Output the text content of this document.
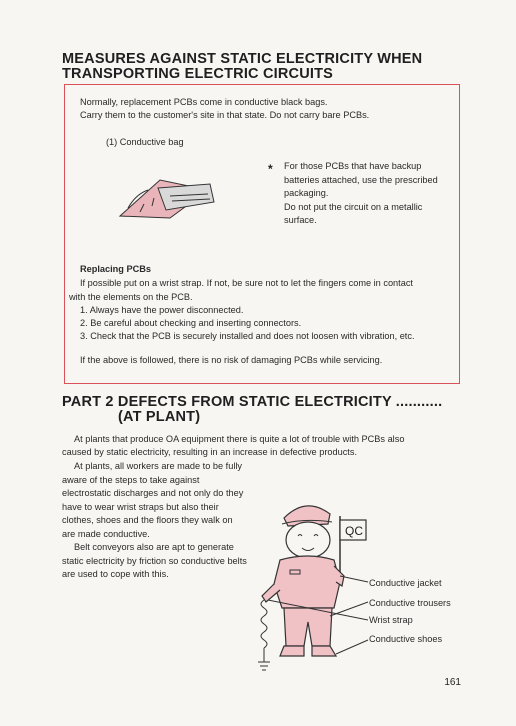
MEASURES AGAINST STATIC ELECTRICITY WHEN
TRANSPORTING ELECTRIC CIRCUITS
Normally, replacement PCBs come in conductive black bags.
Carry them to the customer's site in that state. Do not carry bare PCBs.
(1) Conductive bag
* For those PCBs that have backup
batteries attached, use the prescribed
packaging.
Do not put the circuit on a metallic
surface.
Replacing PCBs
If possible put on a wrist strap. If not, be sure not to let the fingers come in contact
with the elements on the PCB.
1. Always have the power disconnected.
2. Be careful about checking and inserting connectors.
3. Check that the PCB is securely installed and does not loosen with vibration, etc.
If the above is followed, there is no risk of damaging PCBs while servicing.
PART 2 DEFECTS FROM STATIC ELECTRICITY ...........
(AT PLANT)
At plants that produce OA equipment there is quite a lot of trouble with PCBs also
caused by static electricity, resulting in an increase in defective products.
At plants, all workers are made to be fully
aware of the steps to take against
electrostatic discharges and not only do they
have to wear wrist straps but also their
clothes, shoes and the floors they walk on
are made conductive.
Belt conveyors also are apt to generate
static electricity by friction so conductive belts
are used to cope with this.
QC
Conductive jacket
Conductive trousers
Wrist strap
Conductive shoes
161
